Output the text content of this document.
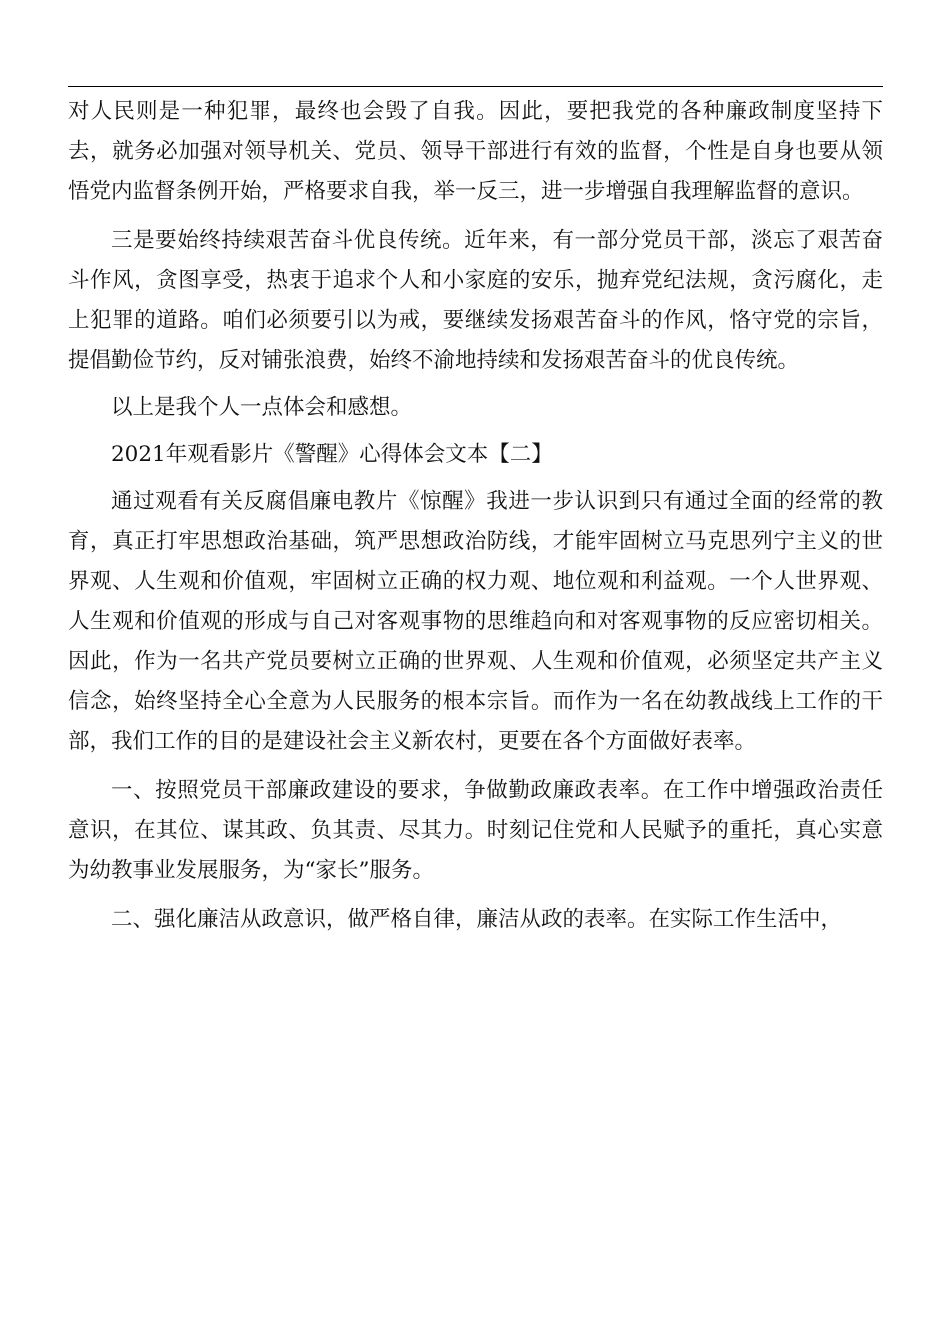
对人民则是一种犯罪，最终也会毁了自我。因此，要把我党的各种廉政制度坚持下去，就务必加强对领导机关、党员、领导干部进行有效的监督，个性是自身也要从领悟党内监督条例开始，严格要求自我，举一反三，进一步增强自我理解监督的意识。

三是要始终持续艰苦奋斗优良传统。近年来，有一部分党员干部，淡忘了艰苦奋斗作风，贪图享受，热衷于追求个人和小家庭的安乐，抛弃党纪法规，贪污腐化，走上犯罪的道路。咱们必须要引以为戒，要继续发扬艰苦奋斗的作风，恪守党的宗旨，提倡勤俭节约，反对铺张浪费，始终不渝地持续和发扬艰苦奋斗的优良传统。

以上是我个人一点体会和感想。

2021年观看影片《警醒》心得体会文本【二】

通过观看有关反腐倡廉电教片《惊醒》我进一步认识到只有通过全面的经常的教育，真正打牢思想政治基础，筑严思想政治防线，才能牢固树立马克思列宁主义的世界观、人生观和价值观，牢固树立正确的权力观、地位观和利益观。一个人世界观、人生观和价值观的形成与自己对客观事物的思维趋向和对客观事物的反应密切相关。因此，作为一名共产党员要树立正确的世界观、人生观和价值观，必须坚定共产主义信念，始终坚持全心全意为人民服务的根本宗旨。而作为一名在幼教战线上工作的干部，我们工作的目的是建设社会主义新农村，更要在各个方面做好表率。

一、按照党员干部廉政建设的要求，争做勤政廉政表率。在工作中增强政治责任意识，在其位、谋其政、负其责、尽其力。时刻记住党和人民赋予的重托，真心实意为幼教事业发展服务，为“家长”服务。

二、强化廉洁从政意识，做严格自律，廉洁从政的表率。在实际工作生活中，
